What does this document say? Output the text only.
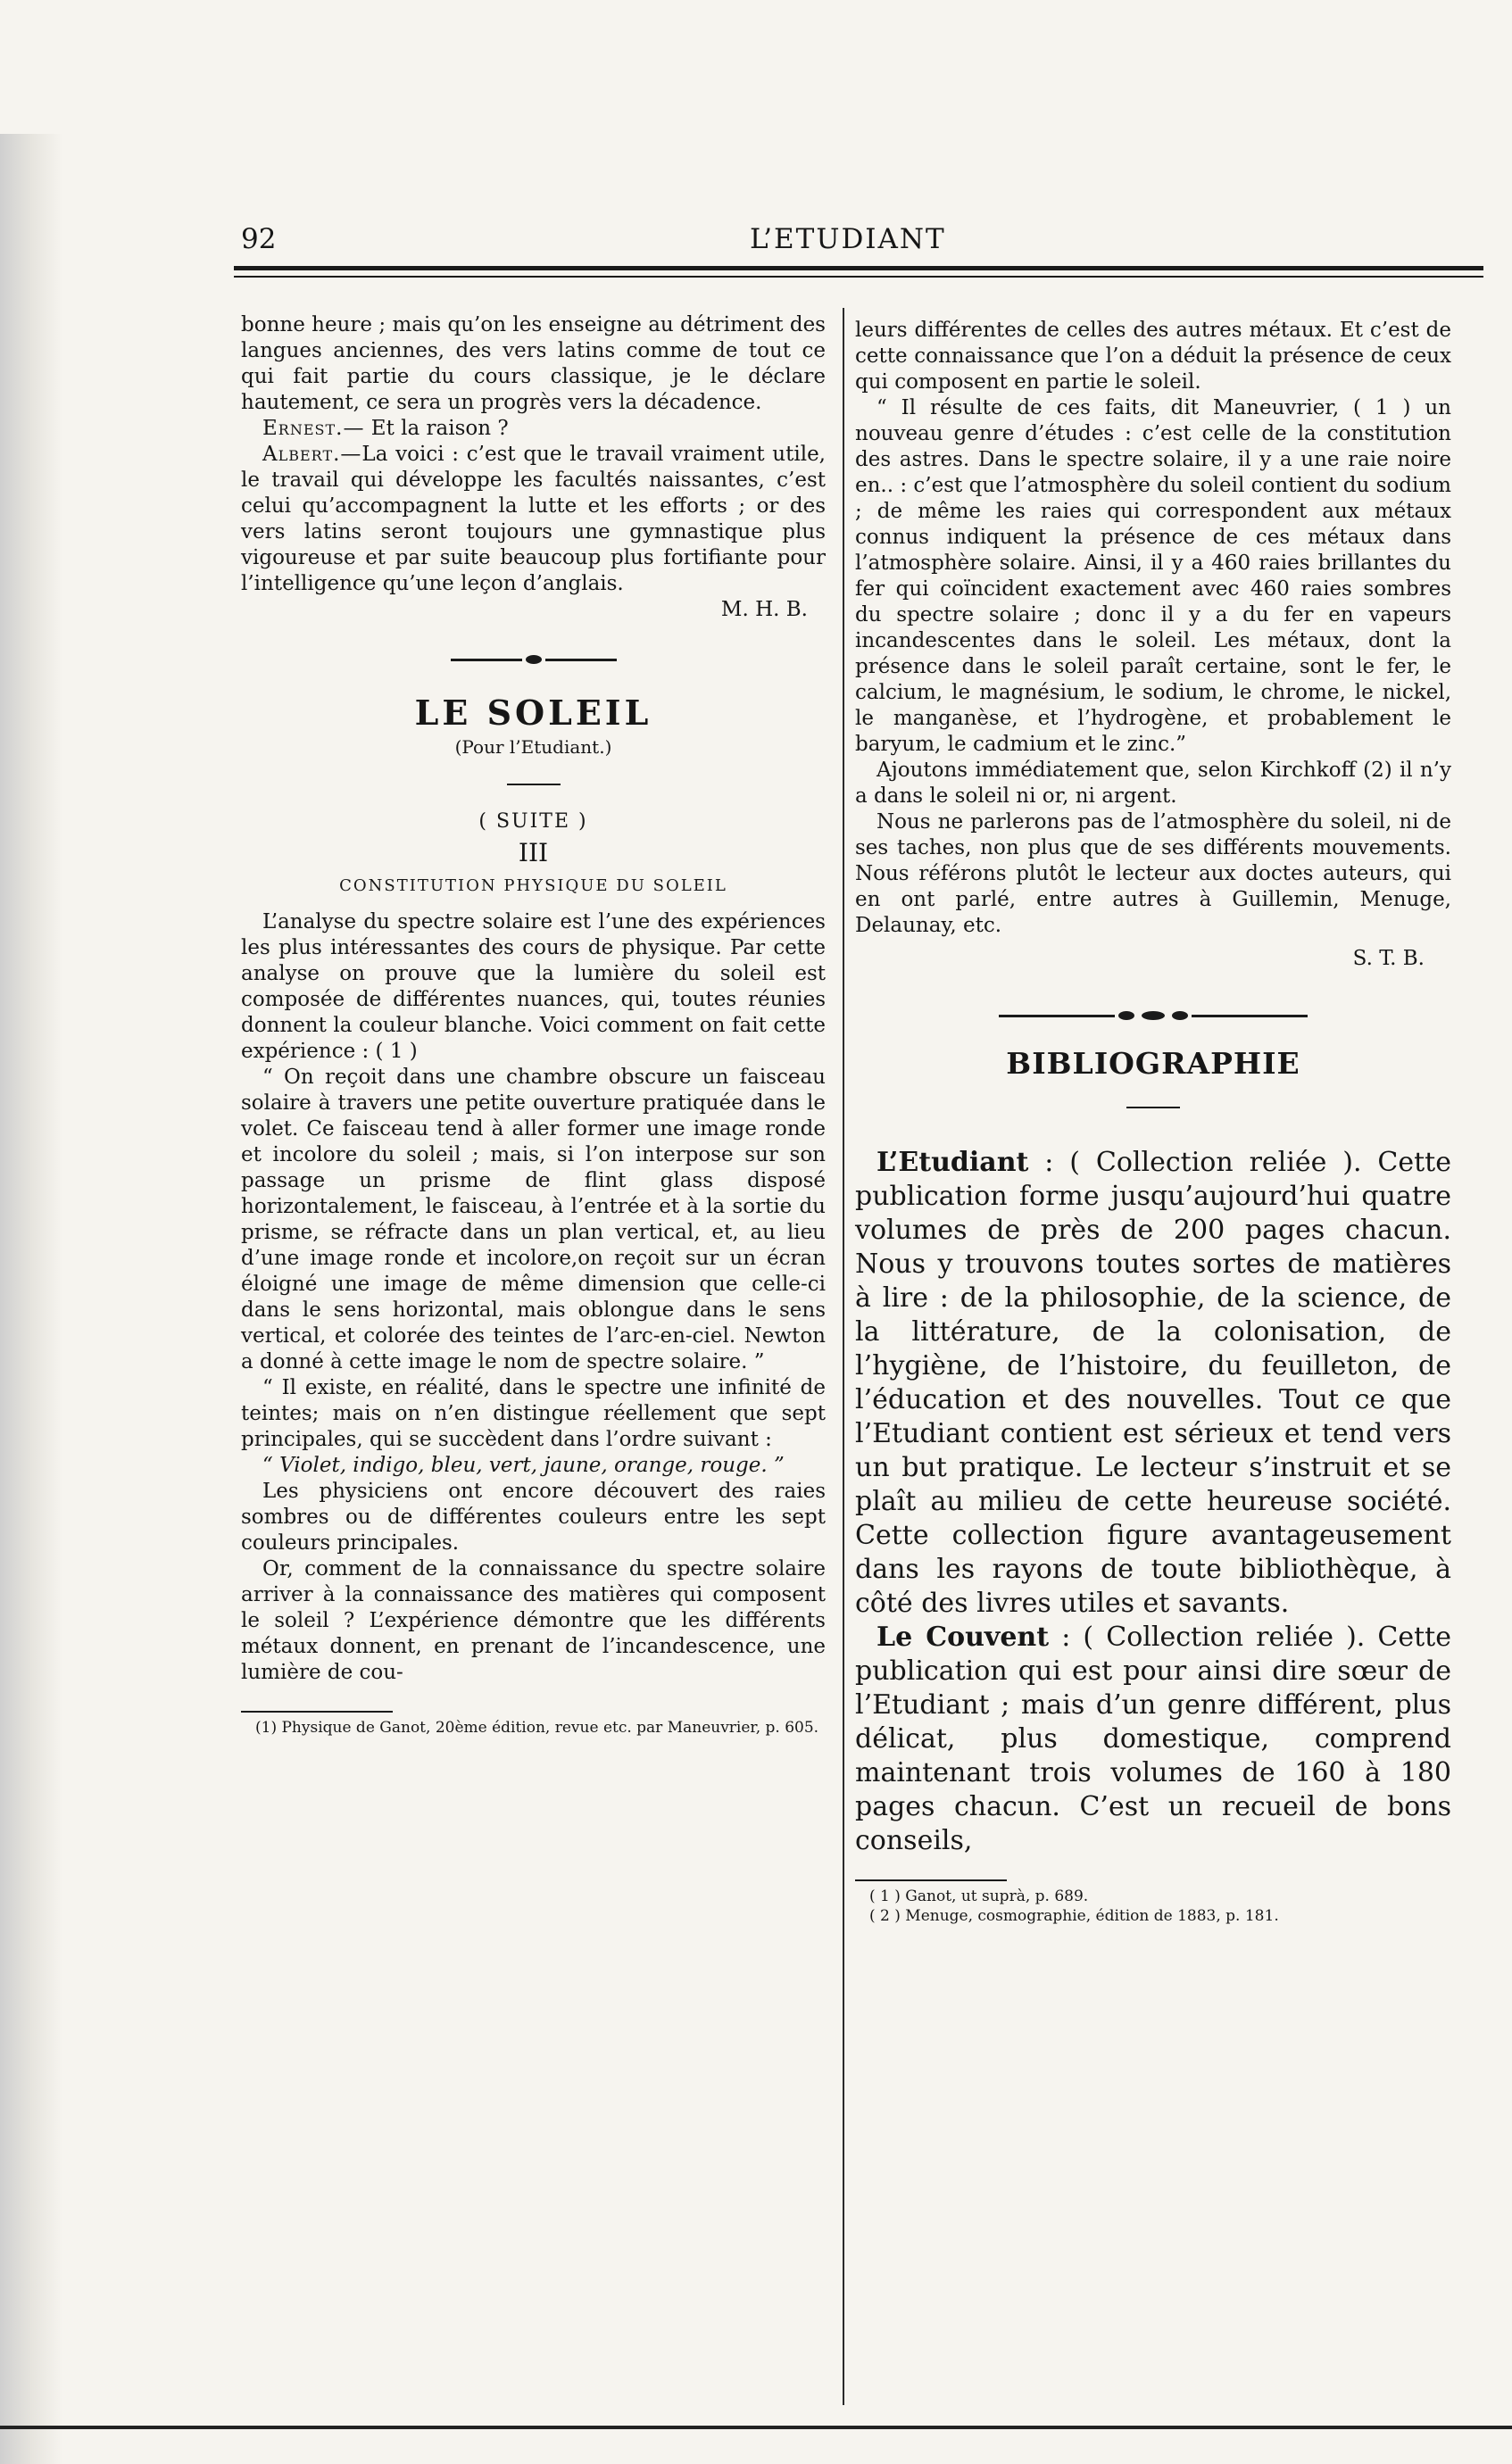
92	L’ETUDIANT

bonne heure ; mais qu’on les enseigne au détriment des langues anciennes, des vers latins comme de tout ce qui fait partie du cours classique, je le déclare hautement, ce sera un progrès vers la décadence.

Ernest.— Et la raison ?

Albert.—La voici : c’est que le travail vraiment utile, le travail qui développe les facultés naissantes, c’est celui qu’accompagnent la lutte et les efforts ; or des vers latins seront toujours une gymnastique plus vigoureuse et par suite beaucoup plus fortifiante pour l’intelligence qu’une leçon d’anglais.

M. H. B.

LE SOLEIL
(Pour l’Etudiant.)
( SUITE )
III
CONSTITUTION PHYSIQUE DU SOLEIL

L’analyse du spectre solaire est l’une des expériences les plus intéressantes des cours de physique. Par cette analyse on prouve que la lumière du soleil est composée de différentes nuances, qui, toutes réunies donnent la couleur blanche. Voici comment on fait cette expérience : ( 1 )

“ On reçoit dans une chambre obscure un faisceau solaire à travers une petite ouverture pratiquée dans le volet. Ce faisceau tend à aller former une image ronde et incolore du soleil ; mais, si l’on interpose sur son passage un prisme de flint glass disposé horizontalement, le faisceau, à l’entrée et à la sortie du prisme, se réfracte dans un plan vertical, et, au lieu d’une image ronde et incolore,on reçoit sur un écran éloigné une image de même dimension que celle-ci dans le sens horizontal, mais oblongue dans le sens vertical, et colorée des teintes de l’arc-en-ciel. Newton a donné à cette image le nom de spectre solaire. ”

“ Il existe, en réalité, dans le spectre une infinité de teintes; mais on n’en distingue réellement que sept principales, qui se succèdent dans l’ordre suivant :

“ Violet, indigo, bleu, vert, jaune, orange, rouge. ”

Les physiciens ont encore découvert des raies sombres ou de différentes couleurs entre les sept couleurs principales.

Or, comment de la connaissance du spectre solaire arriver à la connaissance des matières qui composent le soleil ? L’expérience démontre que les différents métaux donnent, en prenant de l’incandescence, une lumière de cou-

(1) Physique de Ganot, 20ème édition, revue etc. par Maneuvrier, p. 605.

leurs différentes de celles des autres métaux. Et c’est de cette connaissance que l’on a déduit la présence de ceux qui composent en partie le soleil.

“ Il résulte de ces faits, dit Maneuvrier, ( 1 ) un nouveau genre d’études : c’est celle de la constitution des astres. Dans le spectre solaire, il y a une raie noire en.. : c’est que l’atmosphère du soleil contient du sodium ; de même les raies qui correspondent aux métaux connus indiquent la présence de ces métaux dans l’atmosphère solaire. Ainsi, il y a 460 raies brillantes du fer qui coïncident exactement avec 460 raies sombres du spectre solaire ; donc il y a du fer en vapeurs incandescentes dans le soleil. Les métaux, dont la présence dans le soleil paraît certaine, sont le fer, le calcium, le magnésium, le sodium, le chrome, le nickel, le manganèse, et l’hydrogène, et probablement le baryum, le cadmium et le zinc.”

Ajoutons immédiatement que, selon Kirchkoff (2) il n’y a dans le soleil ni or, ni argent.

Nous ne parlerons pas de l’atmosphère du soleil, ni de ses taches, non plus que de ses différents mouvements. Nous référons plutôt le lecteur aux doctes auteurs, qui en ont parlé, entre autres à Guillemin, Menuge, Delaunay, etc.

S. T. B.

BIBLIOGRAPHIE

L’Etudiant : ( Collection reliée ). Cette publication forme jusqu’aujourd’hui quatre volumes de près de 200 pages chacun. Nous y trouvons toutes sortes de matières à lire : de la philosophie, de la science, de la littérature, de la colonisation, de l’hygiène, de l’histoire, du feuilleton, de l’éducation et des nouvelles. Tout ce que l’Etudiant contient est sérieux et tend vers un but pratique. Le lecteur s’instruit et se plaît au milieu de cette heureuse société. Cette collection figure avantageusement dans les rayons de toute bibliothèque, à côté des livres utiles et savants.

Le Couvent : ( Collection reliée ). Cette publication qui est pour ainsi dire sœur de l’Etudiant ; mais d’un genre différent, plus délicat, plus domestique, comprend maintenant trois volumes de 160 à 180 pages chacun. C’est un recueil de bons conseils,

( 1 ) Ganot, ut suprà, p. 689.

( 2 ) Menuge, cosmographie, édition de 1883, p. 181.
